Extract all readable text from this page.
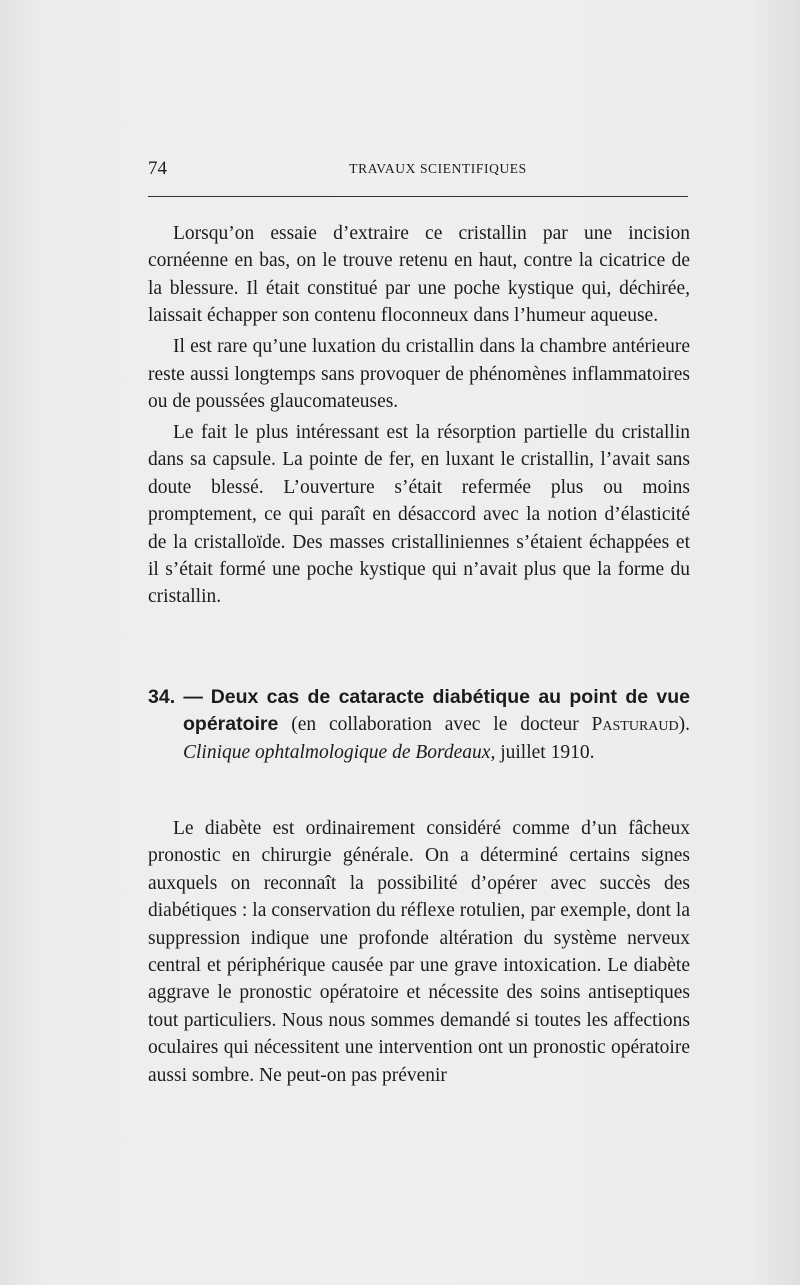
74	TRAVAUX SCIENTIFIQUES

Lorsqu’on essaie d’extraire ce cristallin par une incision cornéenne en bas, on le trouve retenu en haut, contre la cicatrice de la blessure. Il était constitué par une poche kystique qui, déchirée, laissait échapper son contenu floconneux dans l’humeur aqueuse.

Il est rare qu’une luxation du cristallin dans la chambre antérieure reste aussi longtemps sans provoquer de phénomènes inflammatoires ou de poussées glaucomateuses.

Le fait le plus intéressant est la résorption partielle du cristallin dans sa capsule. La pointe de fer, en luxant le cristallin, l’avait sans doute blessé. L’ouverture s’était refermée plus ou moins promptement, ce qui paraît en désaccord avec la notion d’élasticité de la cristalloïde. Des masses cristalliniennes s’étaient échappées et il s’était formé une poche kystique qui n’avait plus que la forme du cristallin.

34. — Deux cas de cataracte diabétique au point de vue opératoire (en collaboration avec le docteur Pasturaud). Clinique ophtalmologique de Bordeaux, juillet 1910.

Le diabète est ordinairement considéré comme d’un fâcheux pronostic en chirurgie générale. On a déterminé certains signes auxquels on reconnaît la possibilité d’opérer avec succès des diabétiques : la conservation du réflexe rotulien, par exemple, dont la suppression indique une profonde altération du système nerveux central et périphérique causée par une grave intoxication. Le diabète aggrave le pronostic opératoire et nécessite des soins antiseptiques tout particuliers. Nous nous sommes demandé si toutes les affections oculaires qui nécessitent une intervention ont un pronostic opératoire aussi sombre. Ne peut-on pas prévenir
